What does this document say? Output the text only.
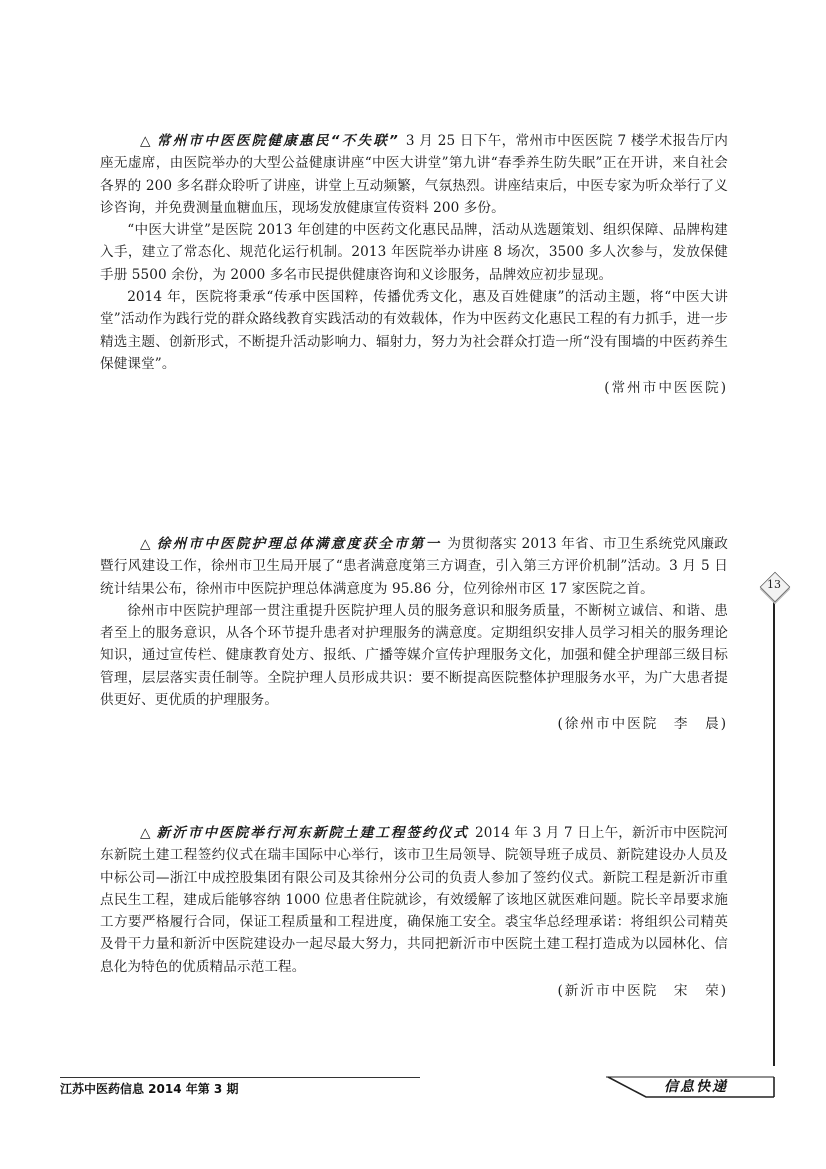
△ 常州市中医医院健康惠民“不失联” 3 月 25 日下午，常州市中医医院 7 楼学术报告厅内座无虚席，由医院举办的大型公益健康讲座“中医大讲堂”第九讲“春季养生防失眠”正在开讲，来自社会各界的 200 多名群众聆听了讲座，讲堂上互动频繁，气氛热烈。讲座结束后，中医专家为听众举行了义诊咨询，并免费测量血糖血压，现场发放健康宣传资料 200 多份。

“中医大讲堂”是医院 2013 年创建的中医药文化惠民品牌，活动从选题策划、组织保障、品牌构建入手，建立了常态化、规范化运行机制。2013 年医院举办讲座 8 场次，3500 多人次参与，发放保健手册 5500 余份，为 2000 多名市民提供健康咨询和义诊服务，品牌效应初步显现。

2014 年，医院将秉承“传承中医国粹，传播优秀文化，惠及百姓健康”的活动主题，将“中医大讲堂”活动作为践行党的群众路线教育实践活动的有效载体，作为中医药文化惠民工程的有力抓手，进一步精选主题、创新形式，不断提升活动影响力、辐射力，努力为社会群众打造一所“没有围墙的中医药养生保健课堂”。

(常州市中医医院)

△ 徐州市中医院护理总体满意度获全市第一 为贯彻落实 2013 年省、市卫生系统党风廉政暨行风建设工作，徐州市卫生局开展了“患者满意度第三方调查，引入第三方评价机制”活动。3 月 5 日统计结果公布，徐州市中医院护理总体满意度为 95.86 分，位列徐州市区 17 家医院之首。

徐州市中医院护理部一贯注重提升医院护理人员的服务意识和服务质量，不断树立诚信、和谐、患者至上的服务意识，从各个环节提升患者对护理服务的满意度。定期组织安排人员学习相关的服务理论知识，通过宣传栏、健康教育处方、报纸、广播等媒介宣传护理服务文化，加强和健全护理部三级目标管理，层层落实责任制等。全院护理人员形成共识：要不断提高医院整体护理服务水平，为广大患者提供更好、更优质的护理服务。

(徐州市中医院　李　晨)

△ 新沂市中医院举行河东新院土建工程签约仪式 2014 年 3 月 7 日上午，新沂市中医院河东新院土建工程签约仪式在瑞丰国际中心举行，该市卫生局领导、院领导班子成员、新院建设办人员及中标公司—浙江中成控股集团有限公司及其徐州分公司的负责人参加了签约仪式。新院工程是新沂市重点民生工程，建成后能够容纳 1000 位患者住院就诊，有效缓解了该地区就医难问题。院长辛昂要求施工方要严格履行合同，保证工程质量和工程进度，确保施工安全。裘宝华总经理承诺：将组织公司精英及骨干力量和新沂中医院建设办一起尽最大努力，共同把新沂市中医院土建工程打造成为以园林化、信息化为特色的优质精品示范工程。

(新沂市中医院　宋　荣)
13
江苏中医药信息 2014 年第 3 期	信息快递
